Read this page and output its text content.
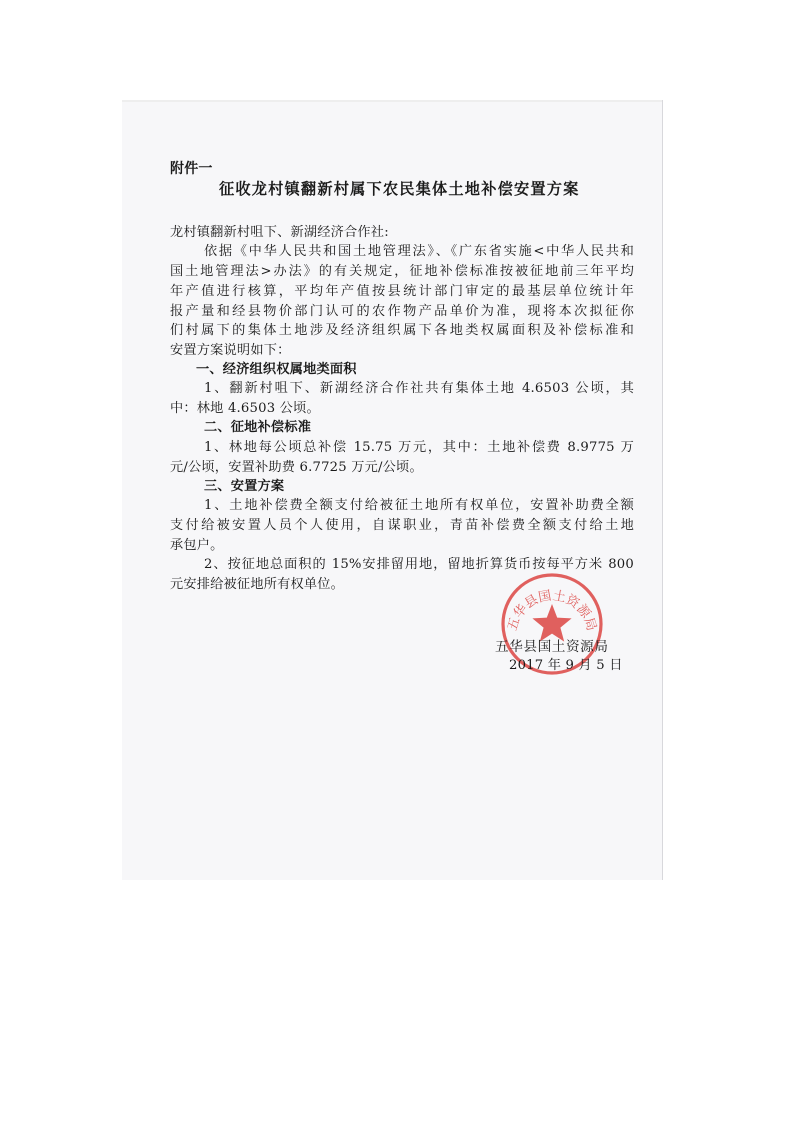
附件一
征收龙村镇翻新村属下农民集体土地补偿安置方案
龙村镇翻新村咀下、新湖经济合作社:
依据《中华人民共和国土地管理法》、《广东省实施<中华人民共和
国土地管理法>办法》的有关规定，征地补偿标准按被征地前三年平均
年产值进行核算，平均年产值按县统计部门审定的最基层单位统计年
报产量和经县物价部门认可的农作物产品单价为准，现将本次拟征你
们村属下的集体土地涉及经济组织属下各地类权属面积及补偿标准和
安置方案说明如下：
一、经济组织权属地类面积
1、翻新村咀下、新湖经济合作社共有集体土地 4.6503 公顷，其
中：林地 4.6503 公顷。
二、征地补偿标准
1、林地每公顷总补偿 15.75 万元，其中：土地补偿费 8.9775 万
元/公顷，安置补助费 6.7725 万元/公顷。
三、安置方案
1、土地补偿费全额支付给被征土地所有权单位，安置补助费全额
支付给被安置人员个人使用，自谋职业，青苗补偿费全额支付给土地
承包户。
2、按征地总面积的 15%安排留用地，留地折算货币按每平方米 800
元安排给被征地所有权单位。
五华县国土资源局
五华县国土资源局
2017 年 9 月 5 日
